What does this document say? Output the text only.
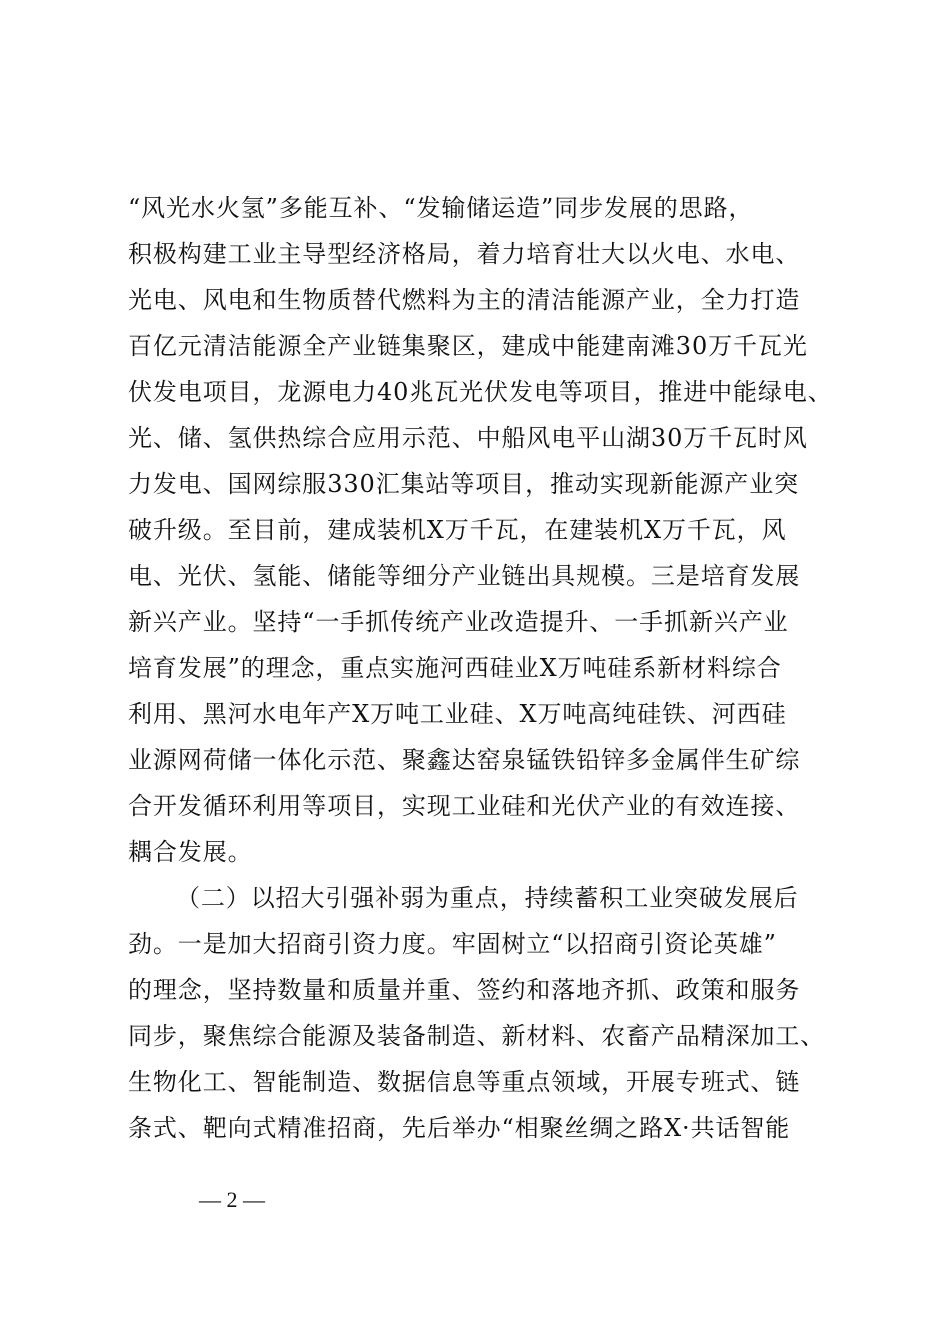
“风光水火氢”多能互补、“发输储运造”同步发展的思路，
积极构建工业主导型经济格局，着力培育壮大以火电、水电、
光电、风电和生物质替代燃料为主的清洁能源产业，全力打造
百亿元清洁能源全产业链集聚区，建成中能建南滩30万千瓦光
伏发电项目，龙源电力40兆瓦光伏发电等项目，推进中能绿电、
光、储、氢供热综合应用示范、中船风电平山湖30万千瓦时风
力发电、国网综服330汇集站等项目，推动实现新能源产业突
破升级。至目前，建成装机X万千瓦，在建装机X万千瓦，风
电、光伏、氢能、储能等细分产业链出具规模。三是培育发展
新兴产业。坚持“一手抓传统产业改造提升、一手抓新兴产业
培育发展”的理念，重点实施河西硅业X万吨硅系新材料综合
利用、黑河水电年产X万吨工业硅、X万吨高纯硅铁、河西硅
业源网荷储一体化示范、聚鑫达窑泉锰铁铅锌多金属伴生矿综
合开发循环利用等项目，实现工业硅和光伏产业的有效连接、
耦合发展。
（二）以招大引强补弱为重点，持续蓄积工业突破发展后
劲。一是加大招商引资力度。牢固树立“以招商引资论英雄”
的理念，坚持数量和质量并重、签约和落地齐抓、政策和服务
同步，聚焦综合能源及装备制造、新材料、农畜产品精深加工、
生物化工、智能制造、数据信息等重点领域，开展专班式、链
条式、靶向式精准招商，先后举办“相聚丝绸之路X·共话智能
— 2 —
